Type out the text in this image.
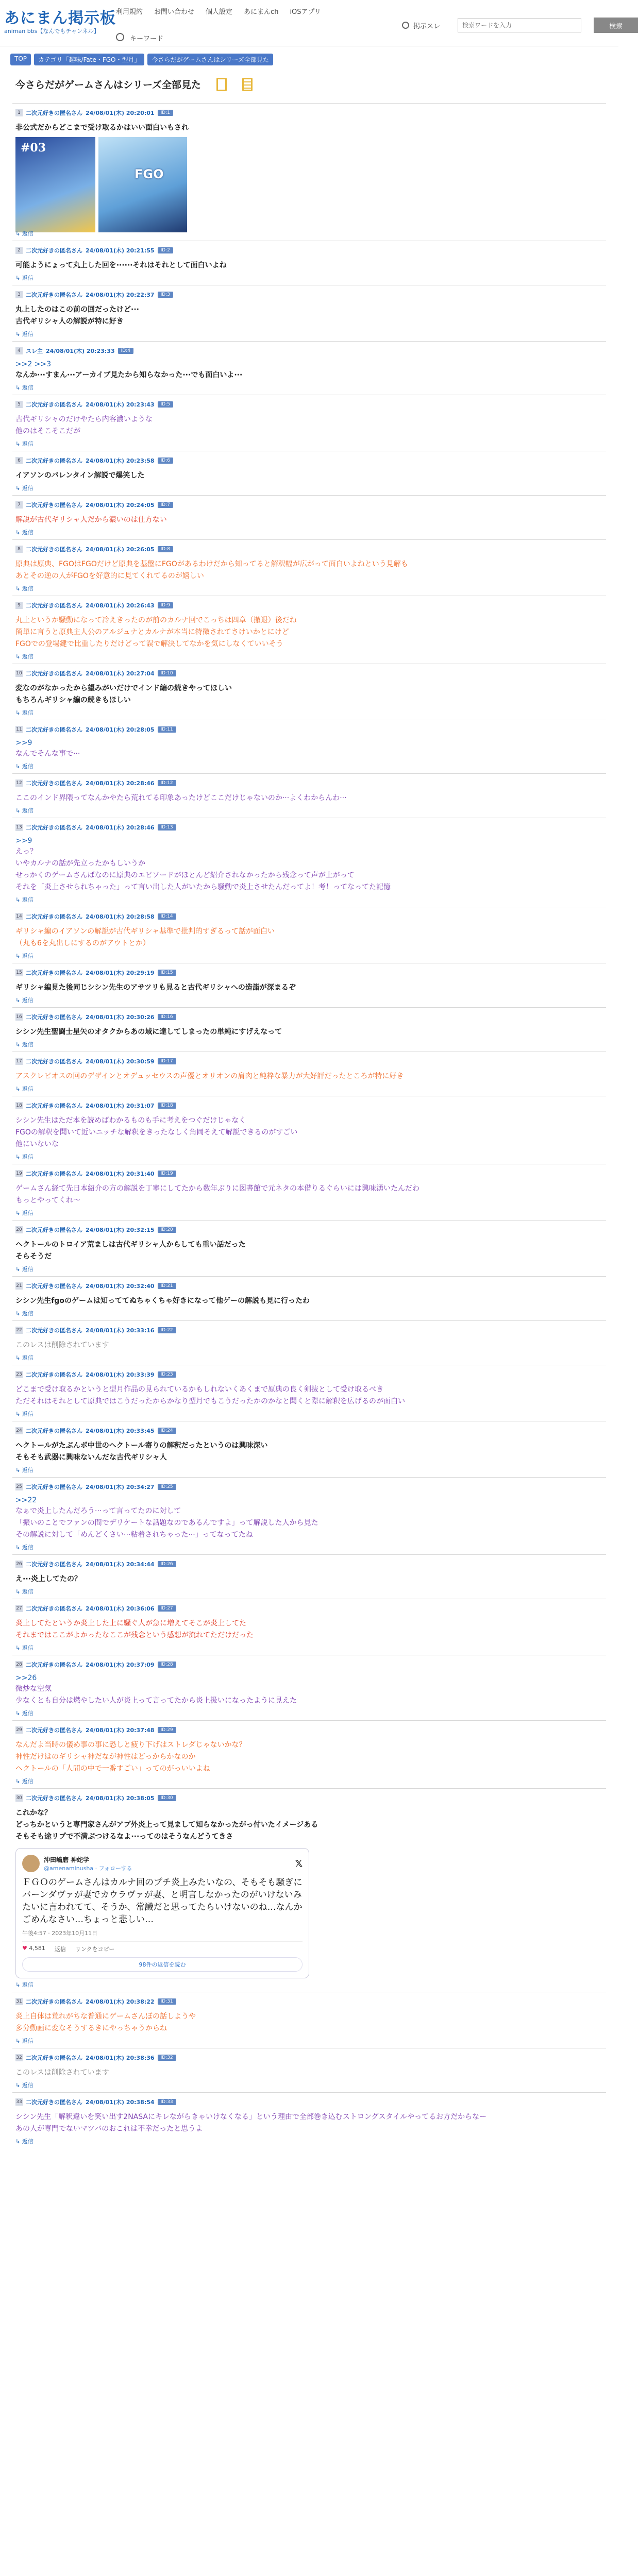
あにまん掲示板
animan bbs【なんでもチャンネル】
利用規約 お問い合わせ 個人設定 あにまんch iOSアプリ
キーワード
掲示スレ
検索ワードを入力	検索
TOP	カテゴリ「趣味/Fate・FGO・型月」	今さらだがゲームさんはシリーズ全部見た
今さらだがゲームさんはシリーズ全部見た
1 二次元好きの匿名さん 24/08/01(木) 20:20:01	ID:1
非公式だからどこまで受け取るかはいい面白いもされ
#03
FGO
↳ 返信
2 二次元好きの匿名さん 24/08/01(木) 20:21:55	ID:2
可能ようにょって丸上した回を······それはそれとして面白いよね
↳ 返信
3 二次元好きの匿名さん 24/08/01(木) 20:22:37	ID:3
丸上したのはこの前の回だったけど···
古代ギリシャ人の解説が特に好き
↳ 返信
4 スレ主 24/08/01(木) 20:23:33	ID:4
>>2 >>3
なんか···すまん···アーカイブ見たから知らなかった···でも面白いよ···
↳ 返信
5 二次元好きの匿名さん 24/08/01(木) 20:23:43	ID:5
古代ギリシャのだけやたら内容濃いような
他のはそこそこだが
↳ 返信
6 二次元好きの匿名さん 24/08/01(木) 20:23:58	ID:6
イアソンのバレンタイン解説で爆笑した
↳ 返信
7 二次元好きの匿名さん 24/08/01(木) 20:24:05	ID:7
解説が古代ギリシャ人だから濃いのは仕方ない
↳ 返信
8 二次元好きの匿名さん 24/08/01(木) 20:26:05	ID:8
原典は原典、FGOはFGOだけど原典を基盤にFGOがあるわけだから知ってると解釈幅が広がって面白いよねという見解も
あとその逆の人がFGOを好意的に見てくれてるのが嬉しい
↳ 返信
9 二次元好きの匿名さん 24/08/01(木) 20:26:43	ID:9
丸上というか騒動になって冷えきったのが前のカルナ回でこっちは四章（撤退）後だね
簡単に言うと原典主人公のアルジュナとカルナが本当に特徴されてさけいかとにけど
FGOでの登場鍵で比重したりだけどって誤で解決してなかを気にしなくていいそう
↳ 返信
10 二次元好きの匿名さん 24/08/01(木) 20:27:04	ID:10
変なのがなかったから望みがいだけでインド編の続きやってほしい
もちろんギリシャ編の続きもほしい
↳ 返信
11 二次元好きの匿名さん 24/08/01(木) 20:28:05	ID:11
>>9
なんでそんな事で···
↳ 返信
12 二次元好きの匿名さん 24/08/01(木) 20:28:46	ID:12
ここのインド界隈ってなんかやたら荒れてる印象あったけどここだけじゃないのか···よくわからんわ···
↳ 返信
13 二次元好きの匿名さん 24/08/01(木) 20:28:46	ID:13
>>9
えっ？
いやカルナの話が先立ったかもしいうか
せっかくのゲームさんばなのに原典のエピソードがほとんど紹介されなかったから残念って声が上がって
それを「炎上させられちゃった」って言い出した人がいたから騒動で炎上させたんだってよ！考！ってなってた記憶
↳ 返信
14 二次元好きの匿名さん 24/08/01(木) 20:28:58	ID:14
ギリシャ編のイアソンの解説が古代ギリシャ基準で批判的すぎるって話が面白い
（丸も6を丸出しにするのがアウトとか）
↳ 返信
15 二次元好きの匿名さん 24/08/01(木) 20:29:19	ID:15
ギリシャ編見た後同じシシン先生のアサツリも見ると古代ギリシャへの造詣が深まるぞ
↳ 返信
16 二次元好きの匿名さん 24/08/01(木) 20:30:26	ID:16
シシン先生聖闘士星矢のオタクからあの域に達してしまったの単純にすげえなって
↳ 返信
17 二次元好きの匿名さん 24/08/01(木) 20:30:59	ID:17
アスクレピオスの回のデザインとオデュッセウスの声優とオリオンの肩肉と純粋な暴力が大好評だったところが特に好き
↳ 返信
18 二次元好きの匿名さん 24/08/01(木) 20:31:07	ID:18
シシン先生はただ本を読めばわかるものも手に考えをつぐだけじゃなく
FGOの解釈を聞いて近いニッチな解釈をきったなしく角岡そえて解説できるのがすごい
他にいないな
↳ 返信
19 二次元好きの匿名さん 24/08/01(木) 20:31:40	ID:19
ゲームさん経て先日本紹介の方の解説を丁寧にしてたから数年ぶりに図書館で元ネタの本借りるぐらいには興味湧いたんだわ
もっとやってくれ～
↳ 返信
20 二次元好きの匿名さん 24/08/01(木) 20:32:15	ID:20
ヘクトールのトロイア荒ましは古代ギリシャ人からしても重い話だった
そらそうだ
↳ 返信
21 二次元好きの匿名さん 24/08/01(木) 20:32:40	ID:21
シシン先生fgoのゲームは知っててぬちゃくちゃ好きになって他ゲーの解説も見に行ったわ
↳ 返信
22 二次元好きの匿名さん 24/08/01(木) 20:33:16	ID:22
このレスは削除されています
↳ 返信
23 二次元好きの匿名さん 24/08/01(木) 20:33:39	ID:23
どこまで受け取るかというと型月作品の見られているかもしれないくあくまで原典の良く剣抜として受け取るべき
ただそれはそれとして原典ではこうだったからかなり型月でもこうだったかのかなと聞くと際に解釈を広げるのが面白い
↳ 返信
24 二次元好きの匿名さん 24/08/01(木) 20:33:45	ID:24
ヘクトールがたぶんボ中世のヘクトール寄りの解釈だったというのは興味深い
そもそも武器に興味ないんだな古代ギリシャ人
↳ 返信
25 二次元好きの匿名さん 24/08/01(木) 20:34:27	ID:25
>>22
なぁで炎上したんだろう···って言ってたのに対して
「振いのことでファンの間でデリケートな話題なのであるんですよ」って解説した人から見た
その解説に対して「めんどくさい···粘着されちゃった···」ってなってたね
↳ 返信
26 二次元好きの匿名さん 24/08/01(木) 20:34:44	ID:26
え···炎上してたの？
↳ 返信
27 二次元好きの匿名さん 24/08/01(木) 20:36:06	ID:27
炎上してたというか炎上した上に騒ぐ人が急に増えてそこが炎上してた
それまではここがよかったなここが残念という感想が流れてただけだった
↳ 返信
28 二次元好きの匿名さん 24/08/01(木) 20:37:09	ID:28
>>26
微炒な空気
少なくとも自分は燃やしたい人が炎上って言ってたから炎上扱いになったように見えた
↳ 返信
29 二次元好きの匿名さん 24/08/01(木) 20:37:48	ID:29
なんだよ当時の儀め事の事に恐しと疲り下げはストレダじゃないかな？
神性だけはのギリシャ神だなが神性はどっからかなのか
ヘクトールの「人間の中で一番すごい」ってのがっいいよね
↳ 返信
30 二次元好きの匿名さん 24/08/01(木) 20:38:05	ID:30
これかな？
どっちかというと専門家さんがアプ外炎上って見まして知らなかったがっ付いたイメージある
そもそも途リプで不満ぶつけるなよ···ってのはそうなんどうてきさ
沖田嶋磨 神蛇学
@amenaminusha · フォローする	𝕏
ＦＧＯのゲームさんはカルナ回のプチ炎上みたいなの、そもそも騒ぎにバーンダヴァが妻でカウラヴァが妻、と明言しなかったのがいけないみたいに言われてて、そうか、常識だと思ってたらいけないのね…なんかごめんなさい…ちょっと悲しい…
午後4:57 · 2023年10月11日
♥ 4,581 返信 リンクをコピー
98件の返信を読む
↳ 返信
31 二次元好きの匿名さん 24/08/01(木) 20:38:22	ID:31
炎上自体は荒れがちな普通にゲームさんぼの話しようや
多分動画に変なそうするきにやっちゃうからね
↳ 返信
32 二次元好きの匿名さん 24/08/01(木) 20:38:36	ID:32
このレスは削除されています
↳ 返信
33 二次元好きの匿名さん 24/08/01(木) 20:38:54	ID:33
シシン先生「解釈違いを笑い出す2NASAにキレながらきゃいけなくなる」という理由で全部巻き込むストロングスタイルやってるお方だからなー
あの人が専門でないマツバのおこれは不幸だったと思うよ
↳ 返信
